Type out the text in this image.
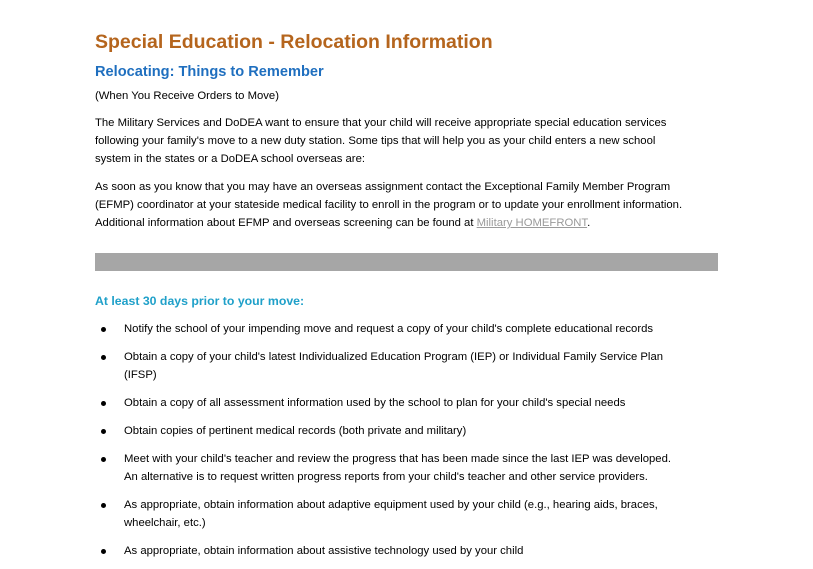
Special Education - Relocation Information
Relocating: Things to Remember

(When You Receive Orders to Move)

The Military Services and DoDEA want to ensure that your child will receive appropriate special education services

following your family's move to a new duty station. Some tips that will help you as your child enters a new school

system in the states or a DoDEA school overseas are:

As soon as you know that you may have an overseas assignment contact the Exceptional Family Member Program

(EFMP) coordinator at your stateside medical facility to enroll in the program or to update your enrollment information.

Additional information about EFMP and overseas screening can be found at Military HOMEFRONT.

At least 30 days prior to your move:
Notify the school of your impending move and request a copy of your child's complete educational records
Obtain a copy of your child's latest Individualized Education Program (IEP) or Individual Family Service Plan
(IFSP)
Obtain a copy of all assessment information used by the school to plan for your child's special needs
Obtain copies of pertinent medical records (both private and military)
Meet with your child's teacher and review the progress that has been made since the last IEP was developed.
An alternative is to request written progress reports from your child's teacher and other service providers.
As appropriate, obtain information about adaptive equipment used by your child (e.g., hearing aids, braces,
wheelchair, etc.)
As appropriate, obtain information about assistive technology used by your child
